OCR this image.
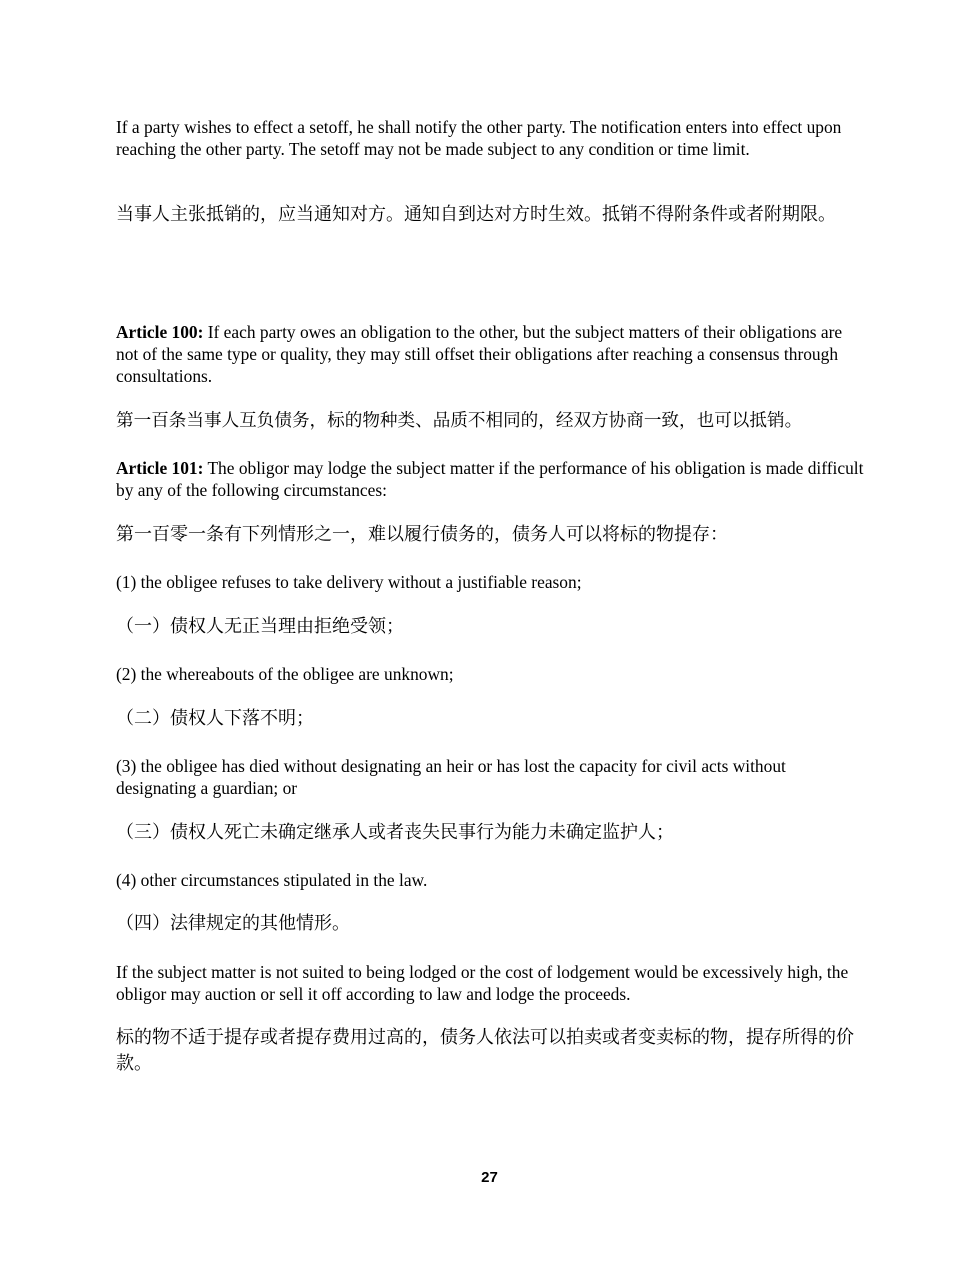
If a party wishes to effect a setoff, he shall notify the other party. The notification enters into effect upon reaching the other party. The setoff may not be made subject to any condition or time limit.

当事人主张抵销的，应当通知对方。通知自到达对方时生效。抵销不得附条件或者附期限。

Article 100: If each party owes an obligation to the other, but the subject matters of their obligations are not of the same type or quality, they may still offset their obligations after reaching a consensus through consultations.

第一百条当事人互负债务，标的物种类、品质不相同的，经双方协商一致，也可以抵销。

Article 101: The obligor may lodge the subject matter if the performance of his obligation is made difficult by any of the following circumstances:

第一百零一条有下列情形之一，难以履行债务的，债务人可以将标的物提存：

(1) the obligee refuses to take delivery without a justifiable reason;

（一）债权人无正当理由拒绝受领；

(2) the whereabouts of the obligee are unknown;

（二）债权人下落不明；

(3) the obligee has died without designating an heir or has lost the capacity for civil acts without designating a guardian; or

（三）债权人死亡未确定继承人或者丧失民事行为能力未确定监护人；

(4) other circumstances stipulated in the law.

（四）法律规定的其他情形。

If the subject matter is not suited to being lodged or the cost of lodgement would be excessively high, the obligor may auction or sell it off according to law and lodge the proceeds.

标的物不适于提存或者提存费用过高的，债务人依法可以拍卖或者变卖标的物，提存所得的价款。

27
